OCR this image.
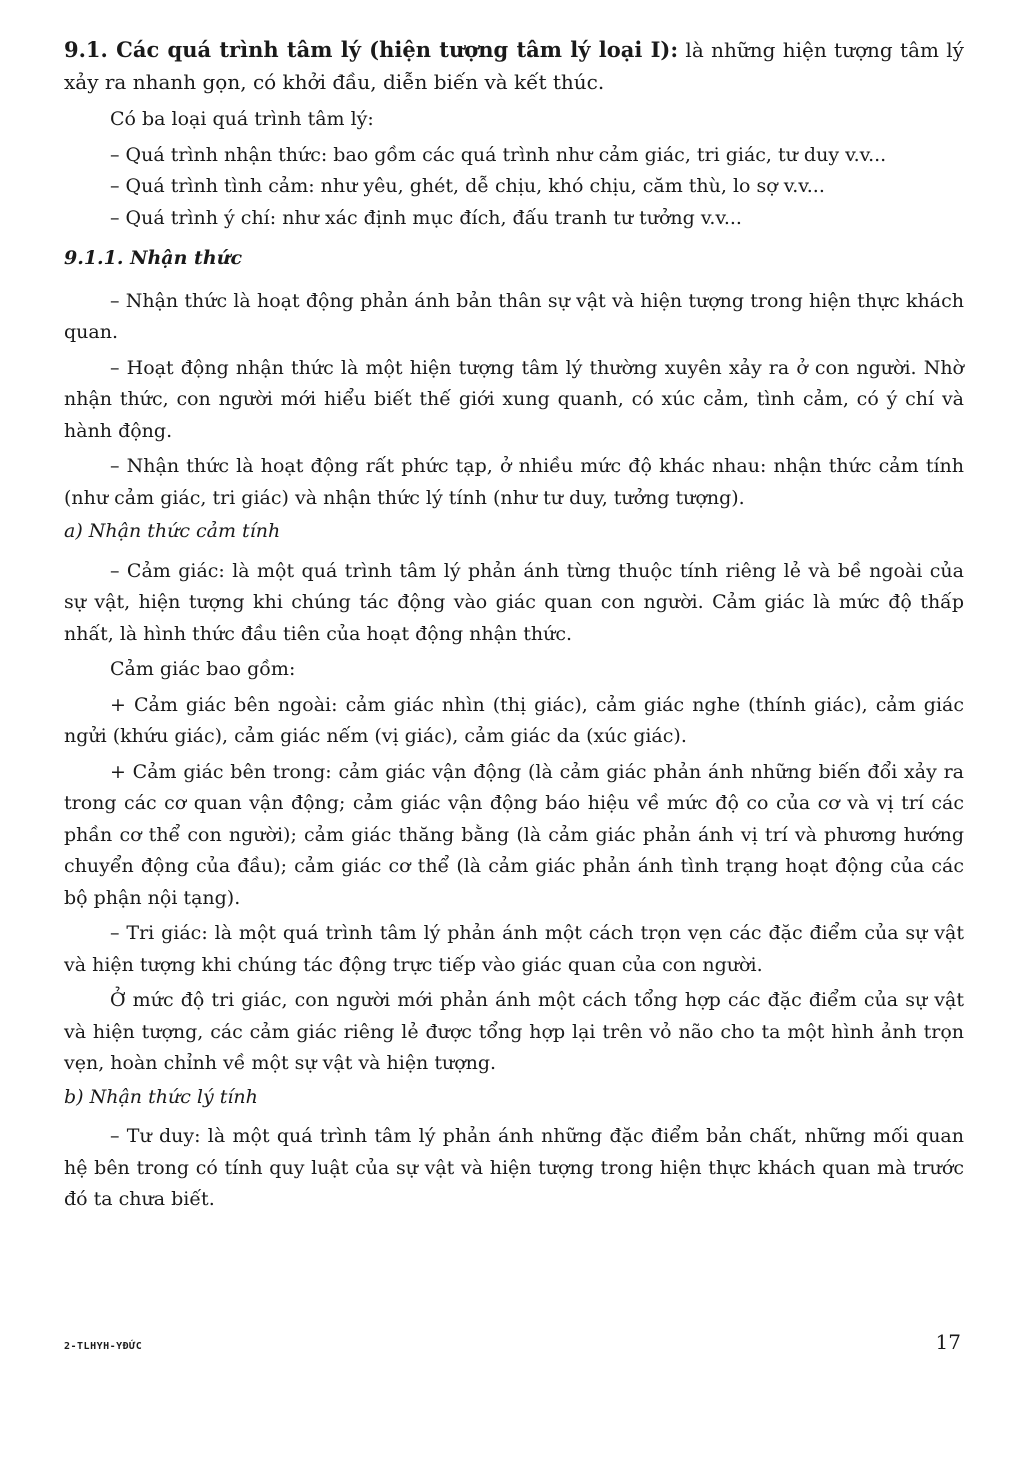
9.1. Các quá trình tâm lý (hiện tượng tâm lý loại I): là những hiện tượng tâm lý xảy ra nhanh gọn, có khởi đầu, diễn biến và kết thúc.

Có ba loại quá trình tâm lý:

– Quá trình nhận thức: bao gồm các quá trình như cảm giác, tri giác, tư duy v.v...

– Quá trình tình cảm: như yêu, ghét, dễ chịu, khó chịu, căm thù, lo sợ v.v...

– Quá trình ý chí: như xác định mục đích, đấu tranh tư tưởng v.v...

9.1.1. Nhận thức

– Nhận thức là hoạt động phản ánh bản thân sự vật và hiện tượng trong hiện thực khách quan.

– Hoạt động nhận thức là một hiện tượng tâm lý thường xuyên xảy ra ở con người. Nhờ nhận thức, con người mới hiểu biết thế giới xung quanh, có xúc cảm, tình cảm, có ý chí và hành động.

– Nhận thức là hoạt động rất phức tạp, ở nhiều mức độ khác nhau: nhận thức cảm tính (như cảm giác, tri giác) và nhận thức lý tính (như tư duy, tưởng tượng).

a) Nhận thức cảm tính

– Cảm giác: là một quá trình tâm lý phản ánh từng thuộc tính riêng lẻ và bề ngoài của sự vật, hiện tượng khi chúng tác động vào giác quan con người. Cảm giác là mức độ thấp nhất, là hình thức đầu tiên của hoạt động nhận thức.

Cảm giác bao gồm:

+ Cảm giác bên ngoài: cảm giác nhìn (thị giác), cảm giác nghe (thính giác), cảm giác ngửi (khứu giác), cảm giác nếm (vị giác), cảm giác da (xúc giác).

+ Cảm giác bên trong: cảm giác vận động (là cảm giác phản ánh những biến đổi xảy ra trong các cơ quan vận động; cảm giác vận động báo hiệu về mức độ co của cơ và vị trí các phần cơ thể con người); cảm giác thăng bằng (là cảm giác phản ánh vị trí và phương hướng chuyển động của đầu); cảm giác cơ thể (là cảm giác phản ánh tình trạng hoạt động của các bộ phận nội tạng).

– Tri giác: là một quá trình tâm lý phản ánh một cách trọn vẹn các đặc điểm của sự vật và hiện tượng khi chúng tác động trực tiếp vào giác quan của con người.

Ở mức độ tri giác, con người mới phản ánh một cách tổng hợp các đặc điểm của sự vật và hiện tượng, các cảm giác riêng lẻ được tổng hợp lại trên vỏ não cho ta một hình ảnh trọn vẹn, hoàn chỉnh về một sự vật và hiện tượng.

b) Nhận thức lý tính

– Tư duy: là một quá trình tâm lý phản ánh những đặc điểm bản chất, những mối quan hệ bên trong có tính quy luật của sự vật và hiện tượng trong hiện thực khách quan mà trước đó ta chưa biết.

2-TLHYH-YĐỨC	17
